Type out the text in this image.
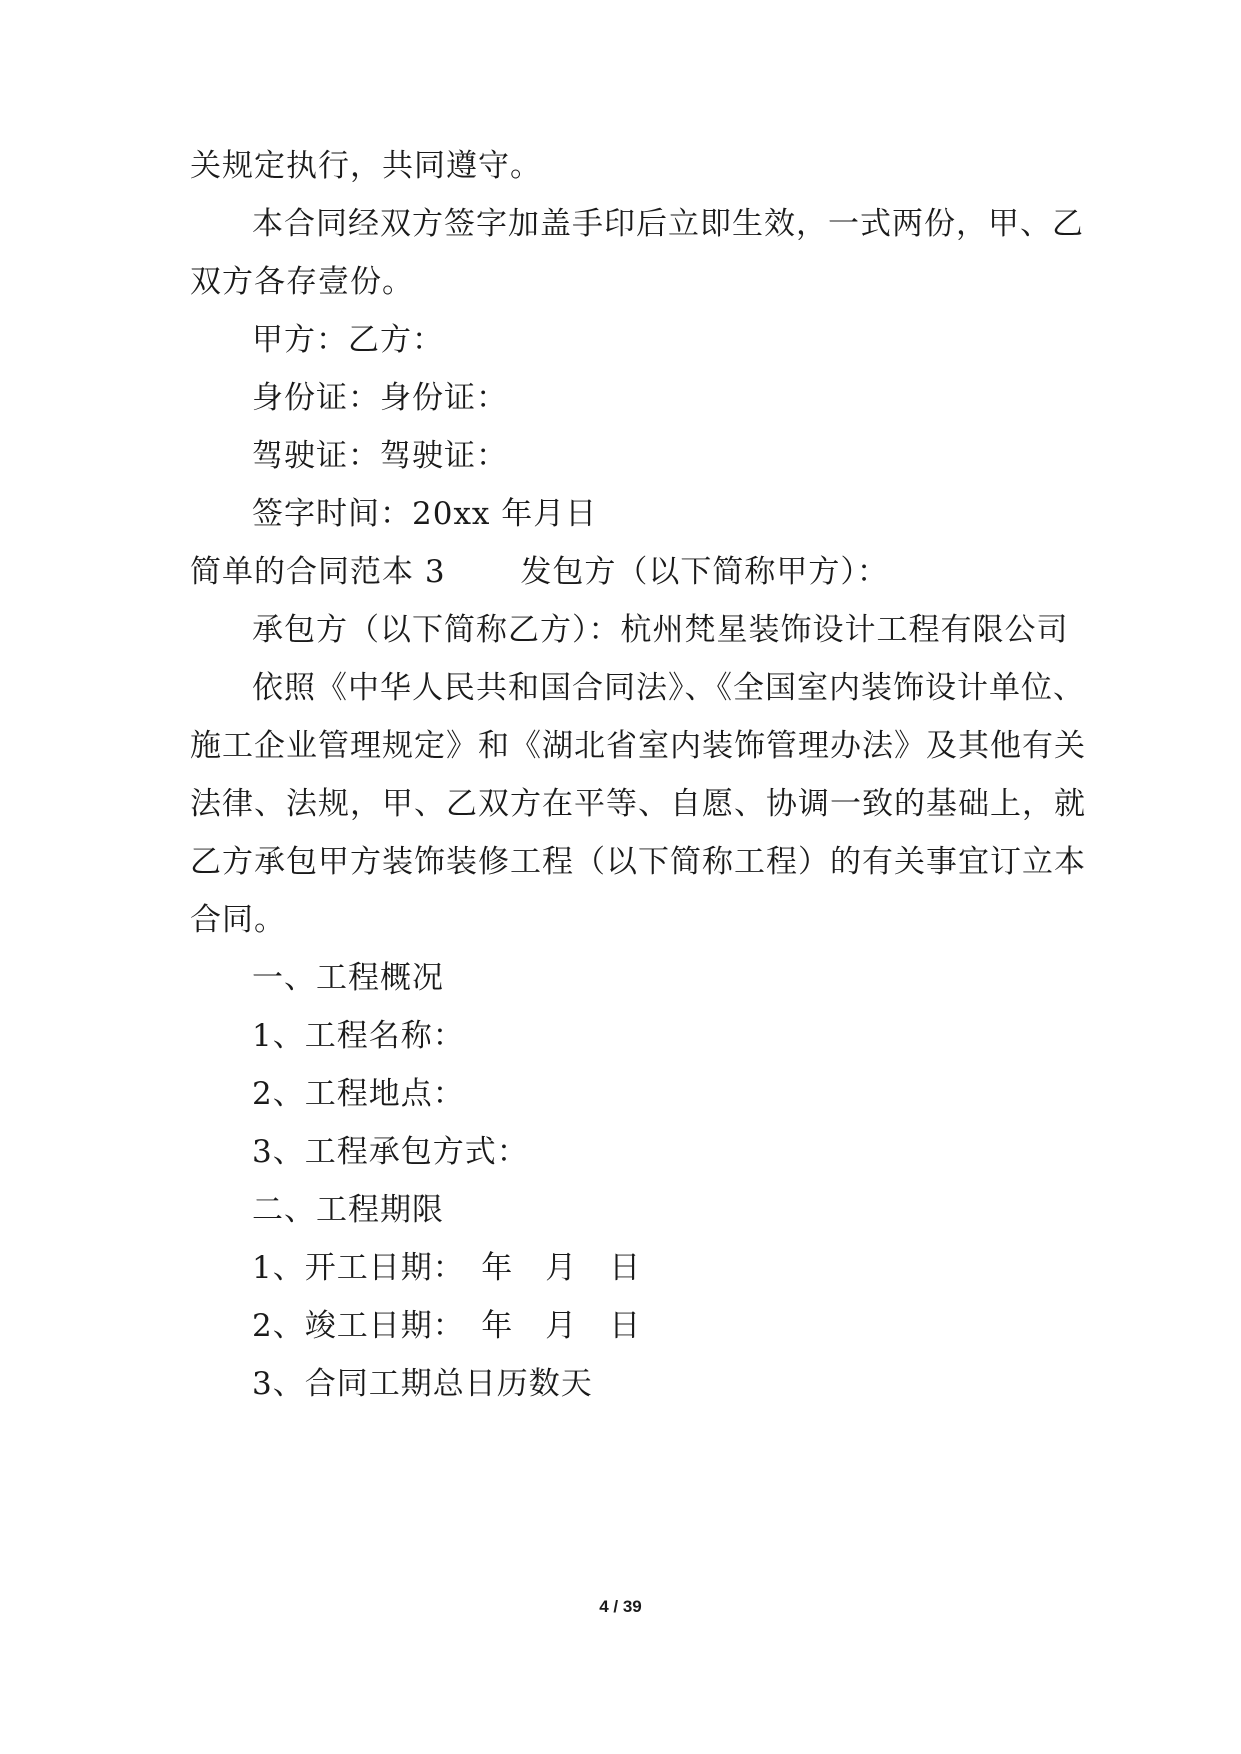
关规定执行，共同遵守。
本合同经双方签字加盖手印后立即生效，一式两份，甲、乙
双方各存壹份。
甲方：乙方：
身份证：身份证：
驾驶证：驾驶证：
签字时间：20xx 年月日
简单的合同范本 3　　 发包方（以下简称甲方）：
承包方（以下简称乙方）：杭州梵星装饰设计工程有限公司
依照《中华人民共和国合同法》、《全国室内装饰设计单位、
施工企业管理规定》和《湖北省室内装饰管理办法》及其他有关
法律、法规，甲、乙双方在平等、自愿、协调一致的基础上，就
乙方承包甲方装饰装修工程（以下简称工程）的有关事宜订立本
合同。
一、工程概况
1、工程名称：
2、工程地点：
3、工程承包方式：
二、工程期限
1、开工日期：　年　月　日
2、竣工日期：　年　月　日
3、合同工期总日历数天
4 / 39
